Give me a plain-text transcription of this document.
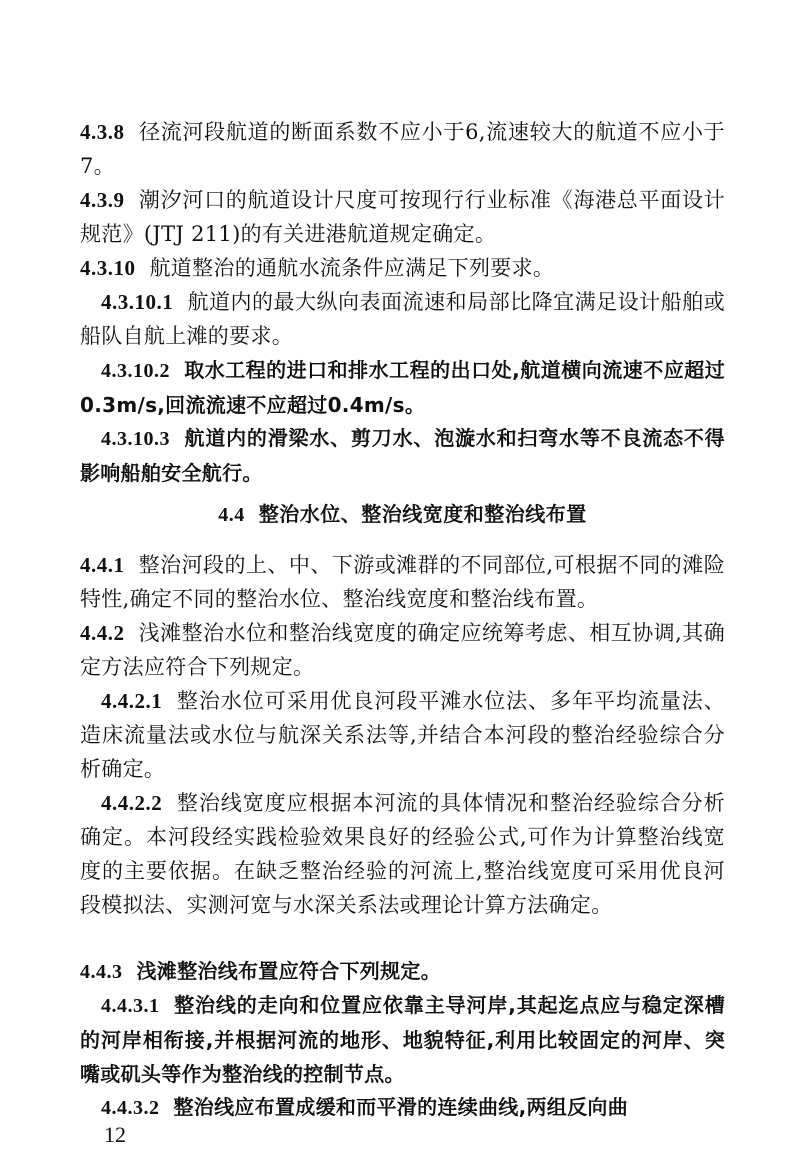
4.3.8 径流河段航道的断面系数不应小于6,流速较大的航道不应小于7。

4.3.9 潮汐河口的航道设计尺度可按现行行业标准《海港总平面设计规范》(JTJ 211)的有关进港航道规定确定。

4.3.10 航道整治的通航水流条件应满足下列要求。

4.3.10.1 航道内的最大纵向表面流速和局部比降宜满足设计船舶或船队自航上滩的要求。

4.3.10.2 取水工程的进口和排水工程的出口处,航道横向流速不应超过0.3m/s,回流流速不应超过0.4m/s。

4.3.10.3 航道内的滑梁水、剪刀水、泡漩水和扫弯水等不良流态不得影响船舶安全航行。

4.4 整治水位、整治线宽度和整治线布置

4.4.1 整治河段的上、中、下游或滩群的不同部位,可根据不同的滩险特性,确定不同的整治水位、整治线宽度和整治线布置。

4.4.2 浅滩整治水位和整治线宽度的确定应统筹考虑、相互协调,其确定方法应符合下列规定。

4.4.2.1 整治水位可采用优良河段平滩水位法、多年平均流量法、造床流量法或水位与航深关系法等,并结合本河段的整治经验综合分析确定。

4.4.2.2 整治线宽度应根据本河流的具体情况和整治经验综合分析确定。本河段经实践检验效果良好的经验公式,可作为计算整治线宽度的主要依据。在缺乏整治经验的河流上,整治线宽度可采用优良河段模拟法、实测河宽与水深关系法或理论计算方法确定。

4.4.3 浅滩整治线布置应符合下列规定。

4.4.3.1 整治线的走向和位置应依靠主导河岸,其起迄点应与稳定深槽的河岸相衔接,并根据河流的地形、地貌特征,利用比较固定的河岸、突嘴或矶头等作为整治线的控制节点。

4.4.3.2 整治线应布置成缓和而平滑的连续曲线,两组反向曲

12
